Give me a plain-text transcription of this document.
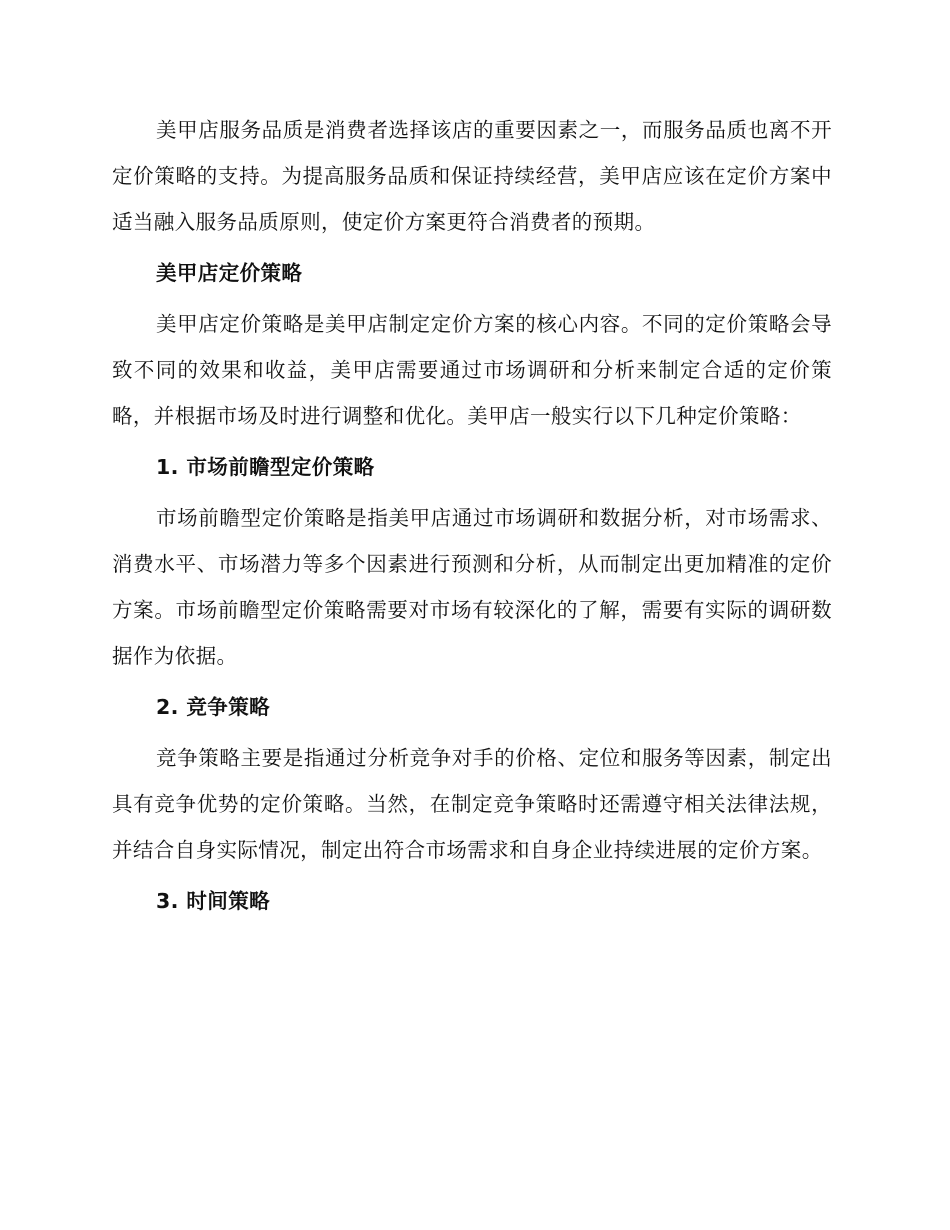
美甲店服务品质是消费者选择该店的重要因素之一，而服务品质也离不开定价策略的支持。为提高服务品质和保证持续经营，美甲店应该在定价方案中适当融入服务品质原则，使定价方案更符合消费者的预期。

美甲店定价策略

美甲店定价策略是美甲店制定定价方案的核心内容。不同的定价策略会导致不同的效果和收益，美甲店需要通过市场调研和分析来制定合适的定价策略，并根据市场及时进行调整和优化。美甲店一般实行以下几种定价策略：

1. 市场前瞻型定价策略

市场前瞻型定价策略是指美甲店通过市场调研和数据分析，对市场需求、消费水平、市场潜力等多个因素进行预测和分析，从而制定出更加精准的定价方案。市场前瞻型定价策略需要对市场有较深化的了解，需要有实际的调研数据作为依据。

2. 竞争策略

竞争策略主要是指通过分析竞争对手的价格、定位和服务等因素，制定出具有竞争优势的定价策略。当然，在制定竞争策略时还需遵守相关法律法规，并结合自身实际情况，制定出符合市场需求和自身企业持续进展的定价方案。

3. 时间策略
